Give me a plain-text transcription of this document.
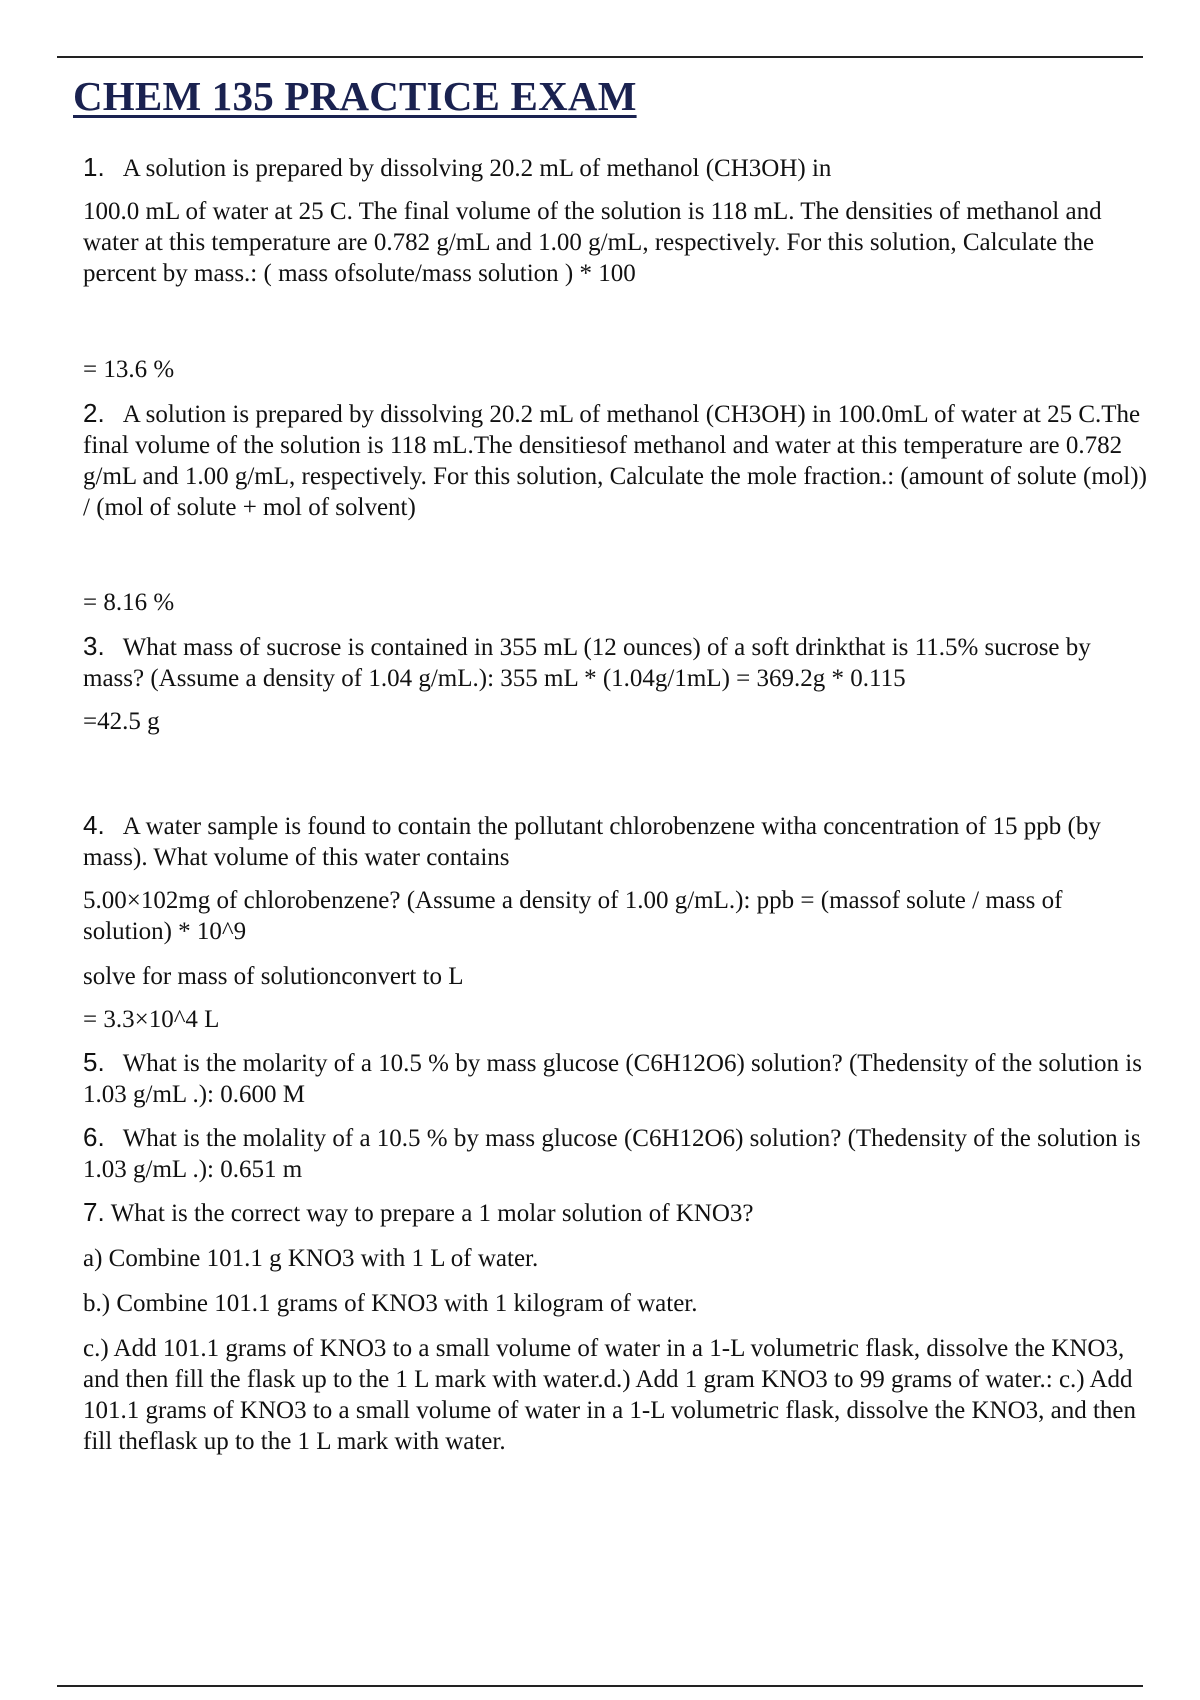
CHEM 135 PRACTICE EXAM

1. A solution is prepared by dissolving 20.2 mL of methanol (CH3OH) in

100.0 mL of water at 25 C. The final volume of the solution is 118 mL. The densities of methanol and water at this temperature are 0.782 g/mL and 1.00 g/mL, respectively. For this solution, Calculate the percent by mass.: ( mass ofsolute/mass solution ) * 100

= 13.6 %

2. A solution is prepared by dissolving 20.2 mL of methanol (CH3OH) in 100.0mL of water at 25 C.The final volume of the solution is 118 mL.The densitiesof methanol and water at this temperature are 0.782 g/mL and 1.00 g/mL, respectively. For this solution, Calculate the mole fraction.: (amount of solute (mol)) / (mol of solute + mol of solvent)

= 8.16 %

3. What mass of sucrose is contained in 355 mL (12 ounces) of a soft drinkthat is 11.5% sucrose by mass? (Assume a density of 1.04 g/mL.): 355 mL * (1.04g/1mL) = 369.2g * 0.115

=42.5 g

4. A water sample is found to contain the pollutant chlorobenzene witha concentration of 15 ppb (by mass). What volume of this water contains

5.00×102mg of chlorobenzene? (Assume a density of 1.00 g/mL.): ppb = (massof solute / mass of solution) * 10^9

solve for mass of solutionconvert to L

= 3.3×10^4 L

5. What is the molarity of a 10.5 % by mass glucose (C6H12O6) solution? (Thedensity of the solution is 1.03 g/mL .): 0.600 M

6. What is the molality of a 10.5 % by mass glucose (C6H12O6) solution? (Thedensity of the solution is 1.03 g/mL .): 0.651 m

7. What is the correct way to prepare a 1 molar solution of KNO3?

a) Combine 101.1 g KNO3 with 1 L of water.

b.) Combine 101.1 grams of KNO3 with 1 kilogram of water.

c.) Add 101.1 grams of KNO3 to a small volume of water in a 1-L volumetric flask, dissolve the KNO3, and then fill the flask up to the 1 L mark with water.d.) Add 1 gram KNO3 to 99 grams of water.: c.) Add 101.1 grams of KNO3 to a small volume of water in a 1-L volumetric flask, dissolve the KNO3, and then fill theflask up to the 1 L mark with water.
